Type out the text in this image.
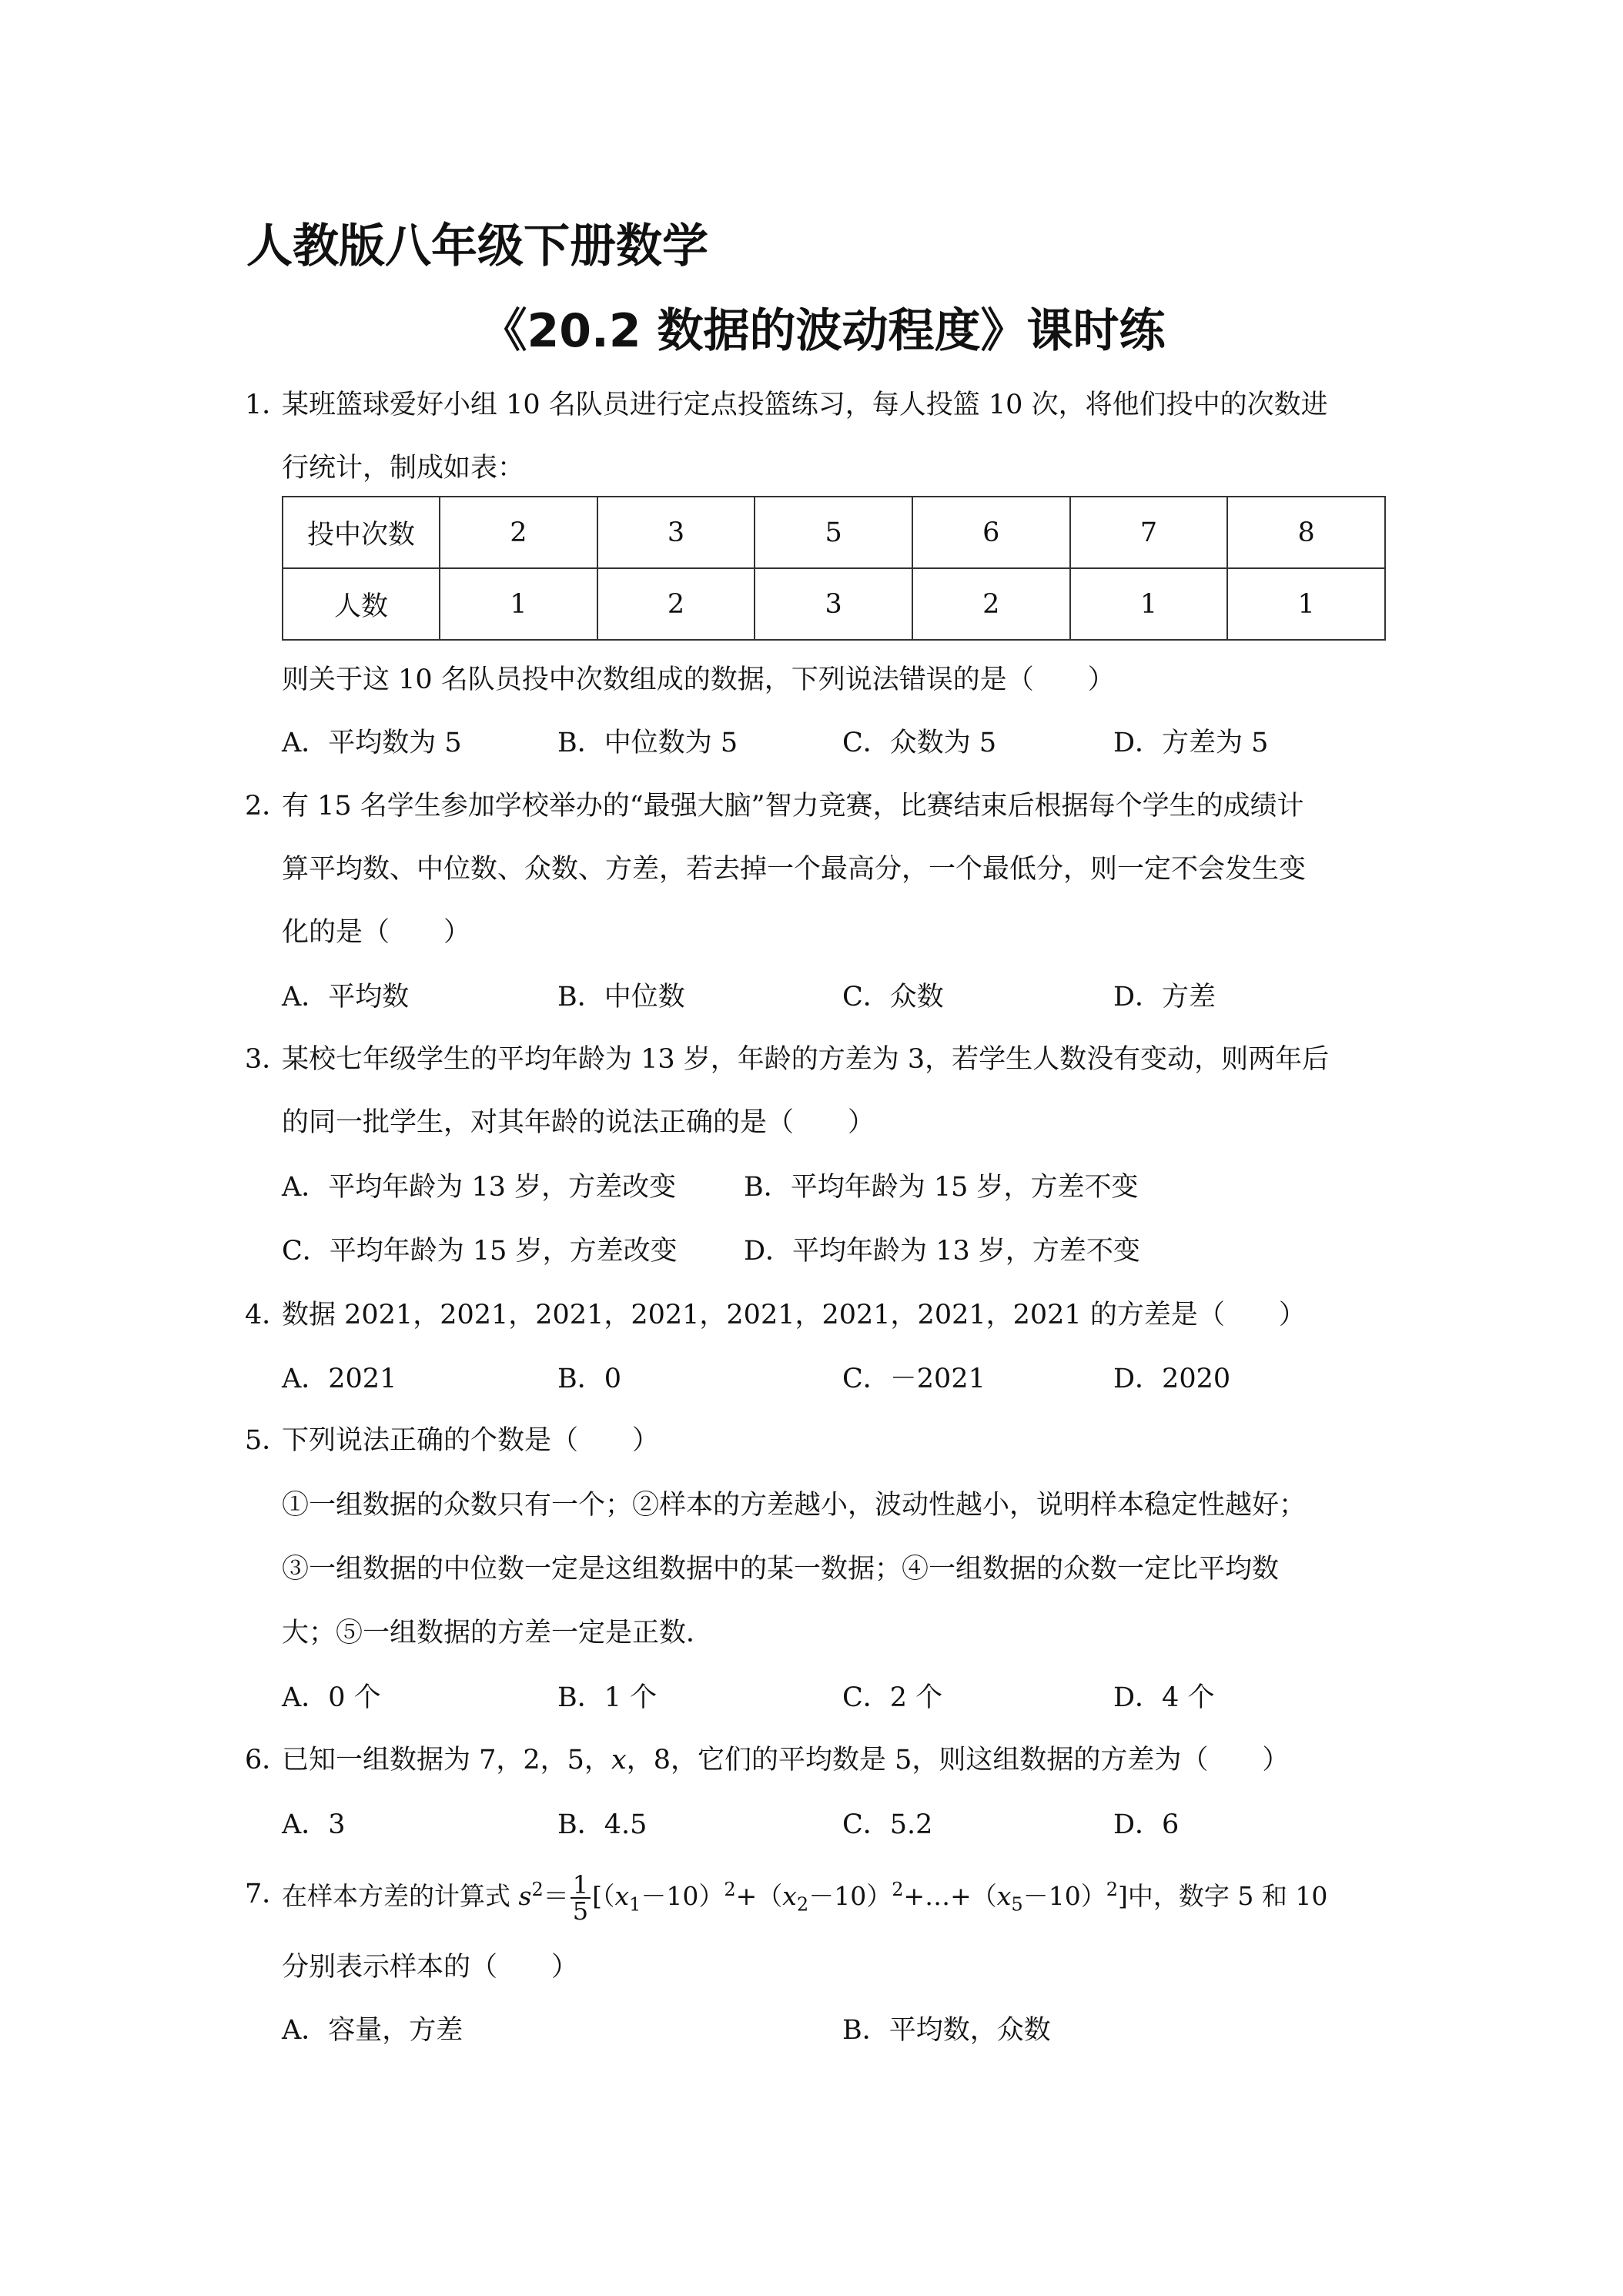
人教版八年级下册数学
《20.2 数据的波动程度》课时练
1．
某班篮球爱好小组 10 名队员进行定点投篮练习，每人投篮 10 次，将他们投中的次数进
行统计，制成如表：
投中次数	2	3	5	6	7	8
人数	1	2	3	2	1	1
则关于这 10 名队员投中次数组成的数据，下列说法错误的是（　　）
A．平均数为 5	B．中位数为 5	C．众数为 5	D．方差为 5
2．
有 15 名学生参加学校举办的“最强大脑”智力竞赛，比赛结束后根据每个学生的成绩计
算平均数、中位数、众数、方差，若去掉一个最高分，一个最低分，则一定不会发生变
化的是（　　）
A．平均数	B．中位数	C．众数	D．方差
3．
某校七年级学生的平均年龄为 13 岁，年龄的方差为 3，若学生人数没有变动，则两年后
的同一批学生，对其年龄的说法正确的是（　　）
A．平均年龄为 13 岁，方差改变	B．平均年龄为 15 岁，方差不变
C．平均年龄为 15 岁，方差改变 D．平均年龄为 13 岁，方差不变
4．
数据 2021，2021，2021，2021，2021，2021，2021，2021 的方差是（　　）
A．2021	B．0	C．－2021	D．2020
5．
下列说法正确的个数是（　　）
①一组数据的众数只有一个；②样本的方差越小，波动性越小，说明样本稳定性越好；
③一组数据的中位数一定是这组数据中的某一数据；④一组数据的众数一定比平均数
大；⑤一组数据的方差一定是正数．
A．0 个	B．1 个	C．2 个	D．4 个
6．
已知一组数据为 7，2，5，x，8，它们的平均数是 5，则这组数据的方差为（　　）
A．3	B．4.5	C．5.2	D．6
7．
在样本方差的计算式 $s^2= \frac{1}{5}$ $[(x_1-10)^2+(x_2-10)^2+\dots+(x_5-10)^2]$中，数字 5 和 10
分别表示样本的（　　）
A．容量，方差	B．平均数，众数
